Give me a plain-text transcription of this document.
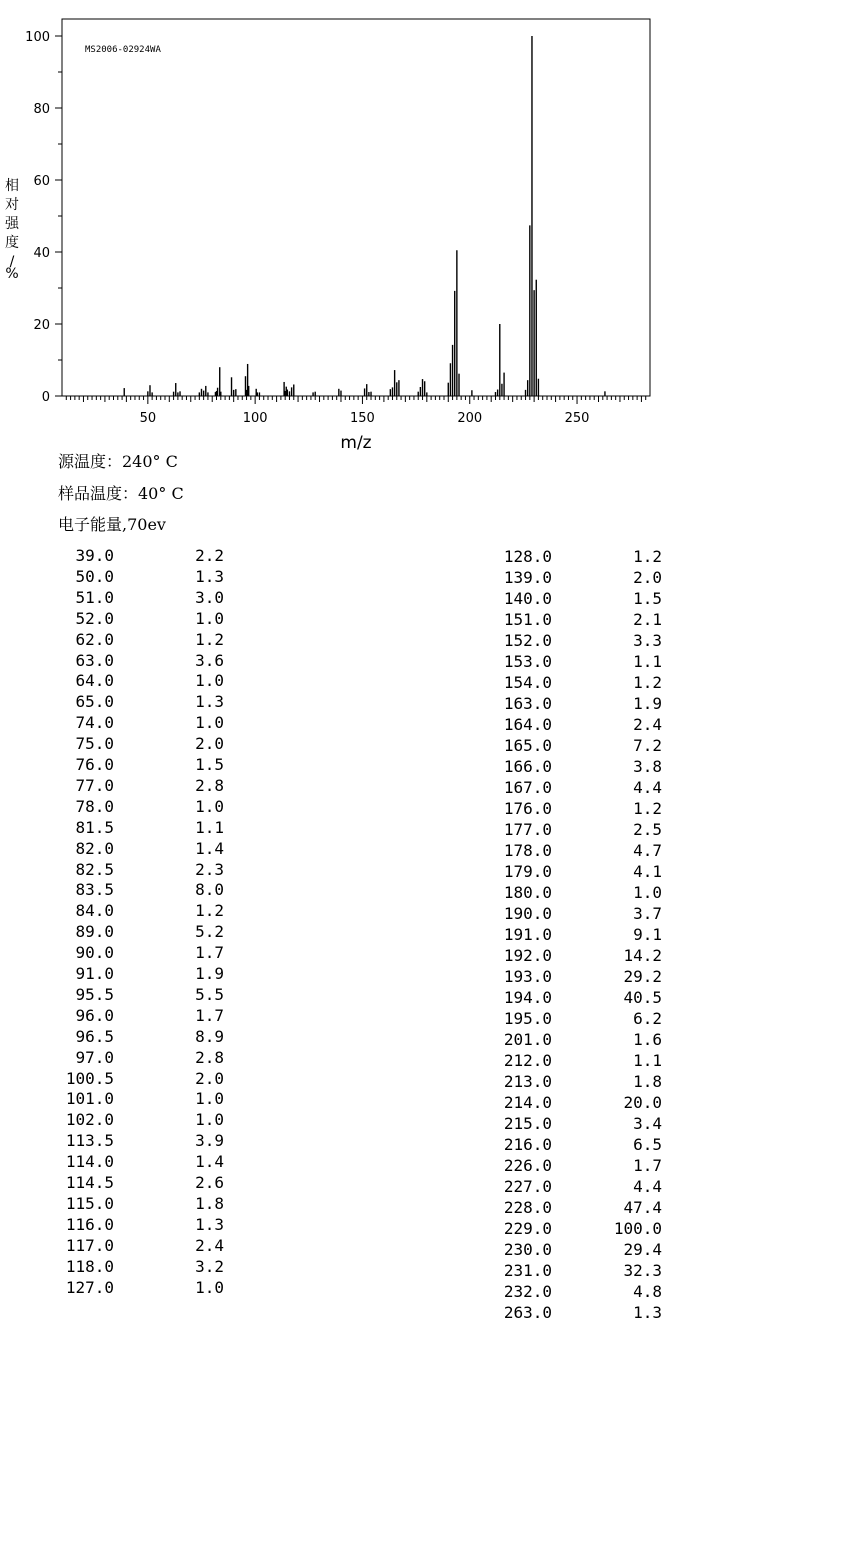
MS2006-02924WA
相
对
强
度
/
%
0
20
40
60
80
100
50	100	150	200	250
m/z
源温度：240° C
样品温度：40° C
电子能量,70ev
39.0	2.2
50.0	1.3
51.0	3.0
52.0	1.0
62.0	1.2
63.0	3.6
64.0	1.0
65.0	1.3
74.0	1.0
75.0	2.0
76.0	1.5
77.0	2.8
78.0	1.0
81.5	1.1
82.0	1.4
82.5	2.3
83.5	8.0
84.0	1.2
89.0	5.2
90.0	1.7
91.0	1.9
95.5	5.5
96.0	1.7
96.5	8.9
97.0	2.8
100.5	2.0
101.0	1.0
102.0	1.0
113.5	3.9
114.0	1.4
114.5	2.6
115.0	1.8
116.0	1.3
117.0	2.4
118.0	3.2
127.0	1.0
128.0	1.2
139.0	2.0
140.0	1.5
151.0	2.1
152.0	3.3
153.0	1.1
154.0	1.2
163.0	1.9
164.0	2.4
165.0	7.2
166.0	3.8
167.0	4.4
176.0	1.2
177.0	2.5
178.0	4.7
179.0	4.1
180.0	1.0
190.0	3.7
191.0	9.1
192.0	14.2
193.0	29.2
194.0	40.5
195.0	6.2
201.0	1.6
212.0	1.1
213.0	1.8
214.0	20.0
215.0	3.4
216.0	6.5
226.0	1.7
227.0	4.4
228.0	47.4
229.0	100.0
230.0	29.4
231.0	32.3
232.0	4.8
263.0	1.3
